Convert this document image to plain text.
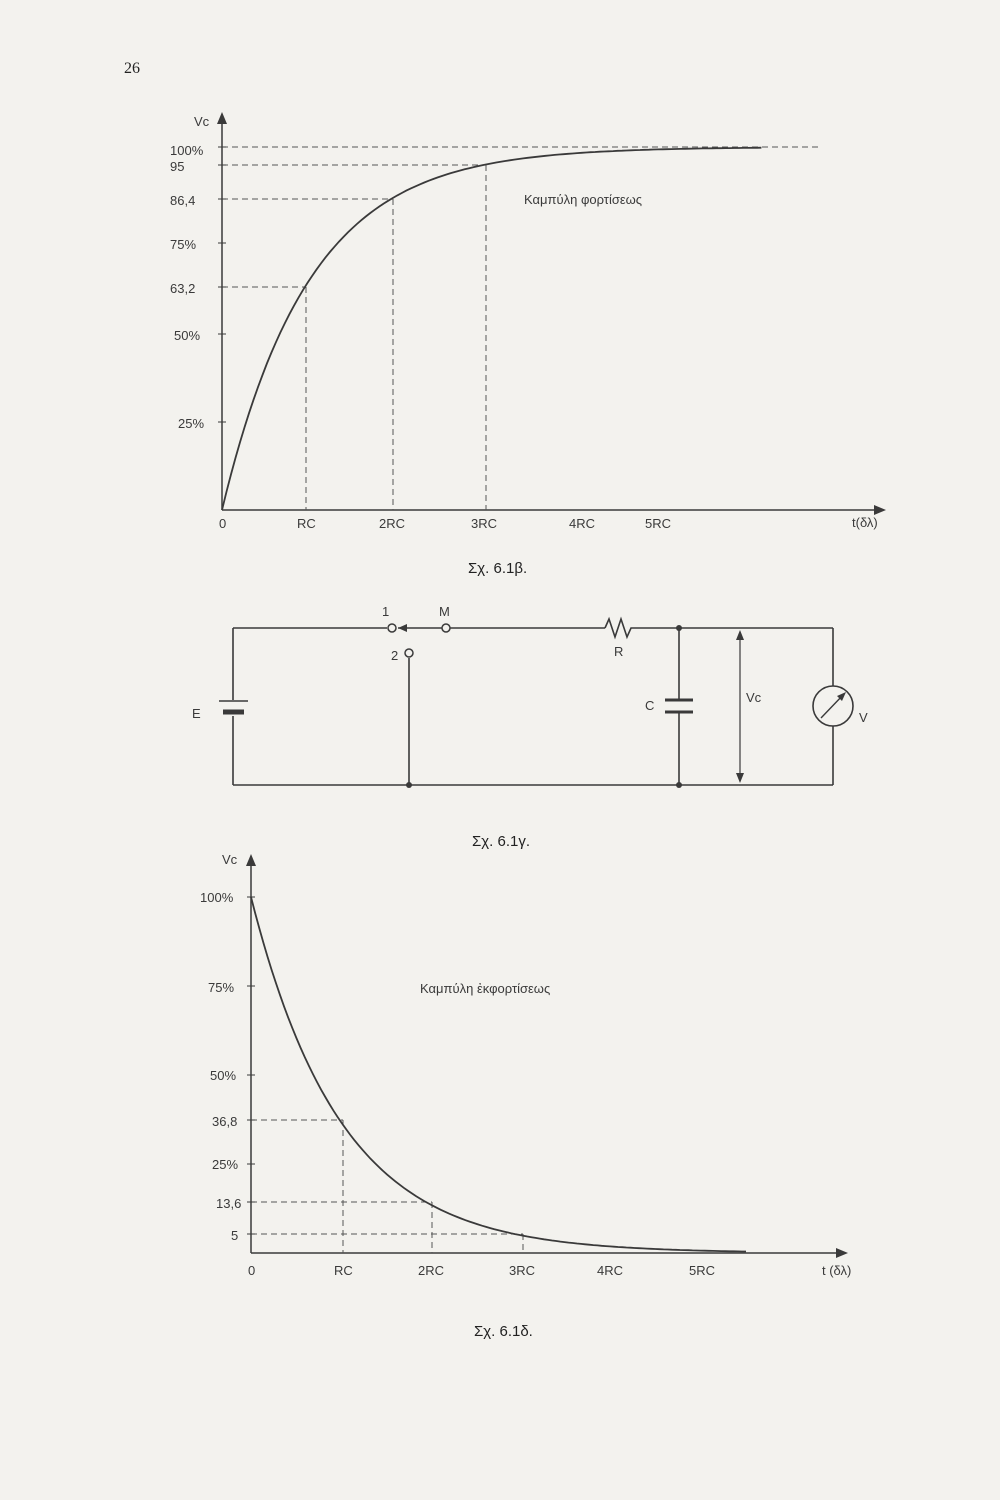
26
Vc
t(δλ)
100%
95
86,4
75%
63,2
50%
25%
0	RC	2RC	3RC	4RC	5RC
Καμπύλη φορτίσεως
Σχ. 6.1β.
1	M
2
E
R
C
Vc
V
Σχ. 6.1γ.
Vc
t (δλ)
100%
75%
50%
36,8
25%
13,6
5
0	RC	2RC	3RC	4RC	5RC
Καμπύλη ἐκφορτίσεως
Σχ. 6.1δ.
